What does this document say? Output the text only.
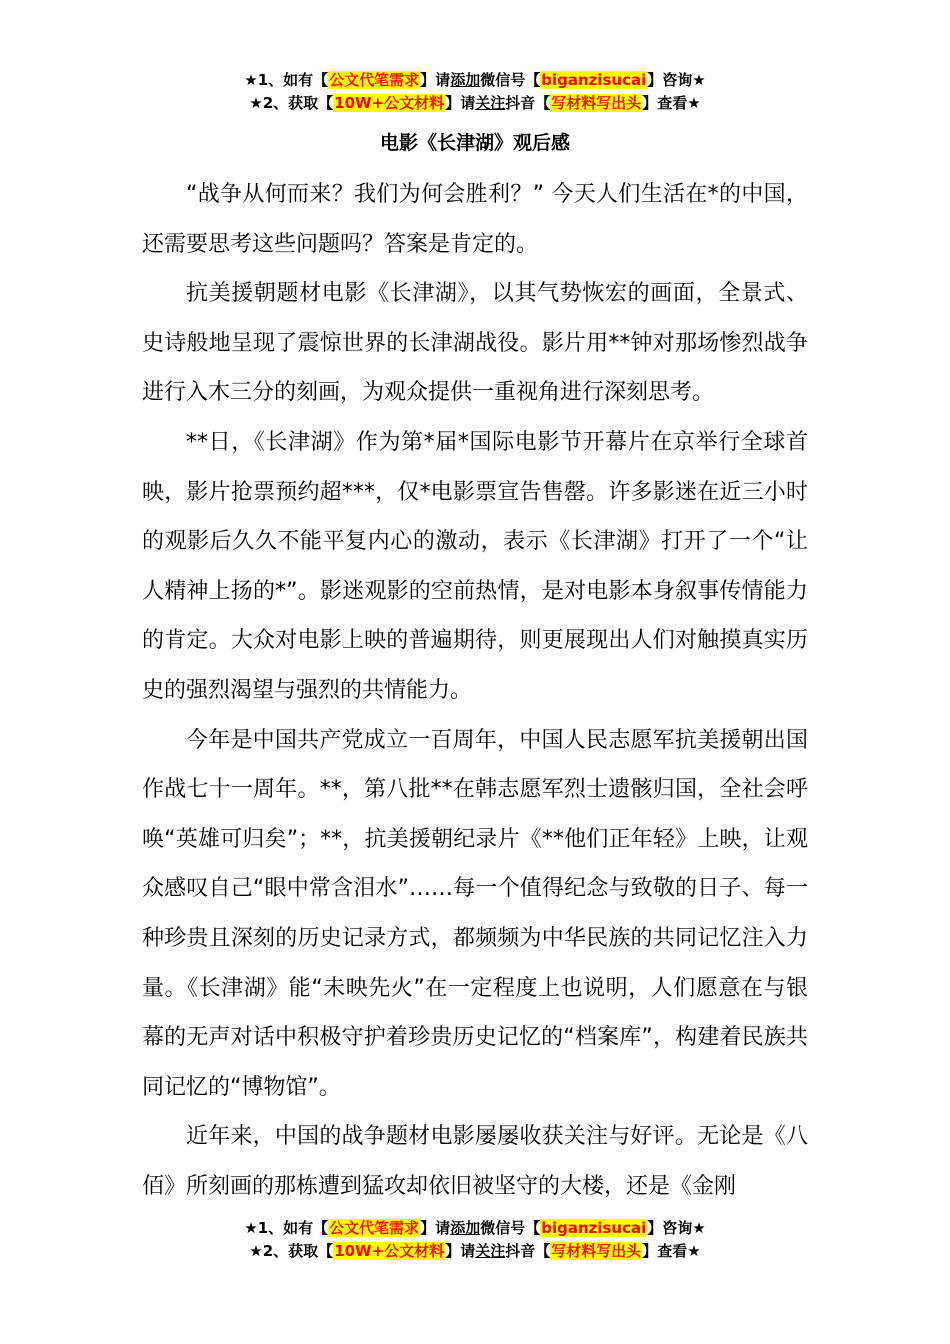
★1、如有【公文代笔需求】请添加微信号【biganzisucai】咨询★
★2、获取【10W+公文材料】请关注抖音【写材料写出头】查看★
电影《长津湖》观后感

“战争从何而来？我们为何会胜利？” 今天人们生活在*的中国，还需要思考这些问题吗？答案是肯定的。

抗美援朝题材电影《长津湖》，以其气势恢宏的画面，全景式、史诗般地呈现了震惊世界的长津湖战役。影片用**钟对那场惨烈战争进行入木三分的刻画，为观众提供一重视角进行深刻思考。

**日，《长津湖》作为第*届*国际电影节开幕片在京举行全球首映，影片抢票预约超***，仅*电影票宣告售罄。许多影迷在近三小时的观影后久久不能平复内心的激动，表示《长津湖》打开了一个“让人精神上扬的*”。影迷观影的空前热情，是对电影本身叙事传情能力的肯定。大众对电影上映的普遍期待，则更展现出人们对触摸真实历史的强烈渴望与强烈的共情能力。

今年是中国共产党成立一百周年，中国人民志愿军抗美援朝出国作战七十一周年。**，第八批**在韩志愿军烈士遗骸归国，全社会呼唤“英雄可归矣”；**，抗美援朝纪录片《**他们正年轻》上映，让观众感叹自己“眼中常含泪水”……每一个值得纪念与致敬的日子、每一种珍贵且深刻的历史记录方式，都频频为中华民族的共同记忆注入力量。《长津湖》能“未映先火”在一定程度上也说明，人们愿意在与银幕的无声对话中积极守护着珍贵历史记忆的“档案库”，构建着民族共同记忆的“博物馆”。

近年来，中国的战争题材电影屡屡收获关注与好评。无论是《八佰》所刻画的那栋遭到猛攻却依旧被坚守的大楼，还是《金刚

★1、如有【公文代笔需求】请添加微信号【biganzisucai】咨询★
★2、获取【10W+公文材料】请关注抖音【写材料写出头】查看★
